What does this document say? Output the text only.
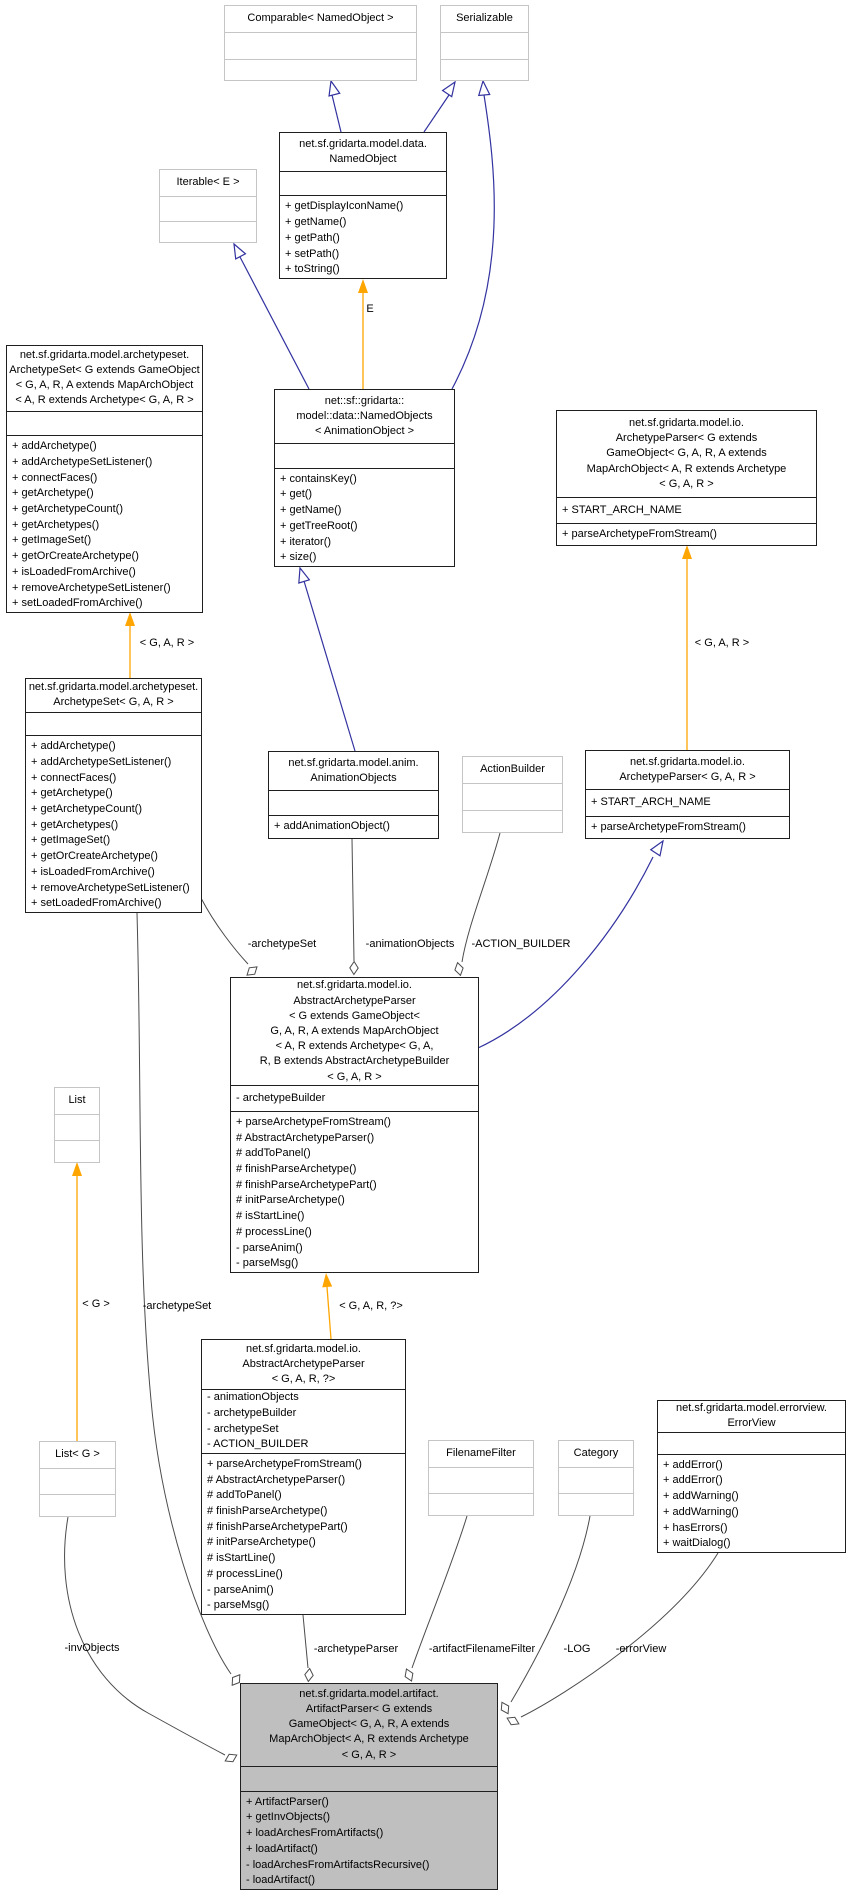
Comparable< NamedObject >	Serializable
Iterable< E >
net.sf.gridarta.model.data.
NamedObject
+ getDisplayIconName()
+ getName()
+ getPath()
+ setPath()
+ toString()
net.sf.gridarta.model.archetypeset.
ArchetypeSet< G extends GameObject
< G, A, R, A extends MapArchObject
< A, R extends Archetype< G, A, R >
+ addArchetype()
+ addArchetypeSetListener()
+ connectFaces()
+ getArchetype()
+ getArchetypeCount()
+ getArchetypes()
+ getImageSet()
+ getOrCreateArchetype()
+ isLoadedFromArchive()
+ removeArchetypeSetListener()
+ setLoadedFromArchive()
net::sf::gridarta::
model::data::NamedObjects
< AnimationObject >
+ containsKey()
+ get()
+ getName()
+ getTreeRoot()
+ iterator()
+ size()
net.sf.gridarta.model.io.
ArchetypeParser< G extends
GameObject< G, A, R, A extends
MapArchObject< A, R extends Archetype
< G, A, R >
+ START_ARCH_NAME
+ parseArchetypeFromStream()
net.sf.gridarta.model.archetypeset.
ArchetypeSet< G, A, R >
+ addArchetype()
+ addArchetypeSetListener()
+ connectFaces()
+ getArchetype()
+ getArchetypeCount()
+ getArchetypes()
+ getImageSet()
+ getOrCreateArchetype()
+ isLoadedFromArchive()
+ removeArchetypeSetListener()
+ setLoadedFromArchive()
net.sf.gridarta.model.anim.
AnimationObjects
+ addAnimationObject()
ActionBuilder
net.sf.gridarta.model.io.
ArchetypeParser< G, A, R >
+ START_ARCH_NAME
+ parseArchetypeFromStream()
net.sf.gridarta.model.io.
AbstractArchetypeParser
< G extends GameObject<
G, A, R, A extends MapArchObject
< A, R extends Archetype< G, A,
R, B extends AbstractArchetypeBuilder
< G, A, R >
- archetypeBuilder
+ parseArchetypeFromStream()
# AbstractArchetypeParser()
# addToPanel()
# finishParseArchetype()
# finishParseArchetypePart()
# initParseArchetype()
# isStartLine()
# processLine()
- parseAnim()
- parseMsg()
List
List< G >
net.sf.gridarta.model.io.
AbstractArchetypeParser
< G, A, R, ?>
- animationObjects
- archetypeBuilder
- archetypeSet
- ACTION_BUILDER
+ parseArchetypeFromStream()
# AbstractArchetypeParser()
# addToPanel()
# finishParseArchetype()
# finishParseArchetypePart()
# initParseArchetype()
# isStartLine()
# processLine()
- parseAnim()
- parseMsg()
FilenameFilter	Category
net.sf.gridarta.model.errorview.
ErrorView
+ addError()
+ addError()
+ addWarning()
+ addWarning()
+ hasErrors()
+ waitDialog()
net.sf.gridarta.model.artifact.
ArtifactParser< G extends
GameObject< G, A, R, A extends
MapArchObject< A, R extends Archetype
< G, A, R >
+ ArtifactParser()
+ getInvObjects()
+ loadArchesFromArtifacts()
+ loadArtifact()
- loadArchesFromArtifactsRecursive()
- loadArtifact()
E
< G, A, R >	< G, A, R >
-archetypeSet	-animationObjects -ACTION_BUILDER
< G, A, R, ?>
-archetypeSet
< G >
-invObjects	-archetypeParser	-artifactFilenameFilter	-LOG -errorView
